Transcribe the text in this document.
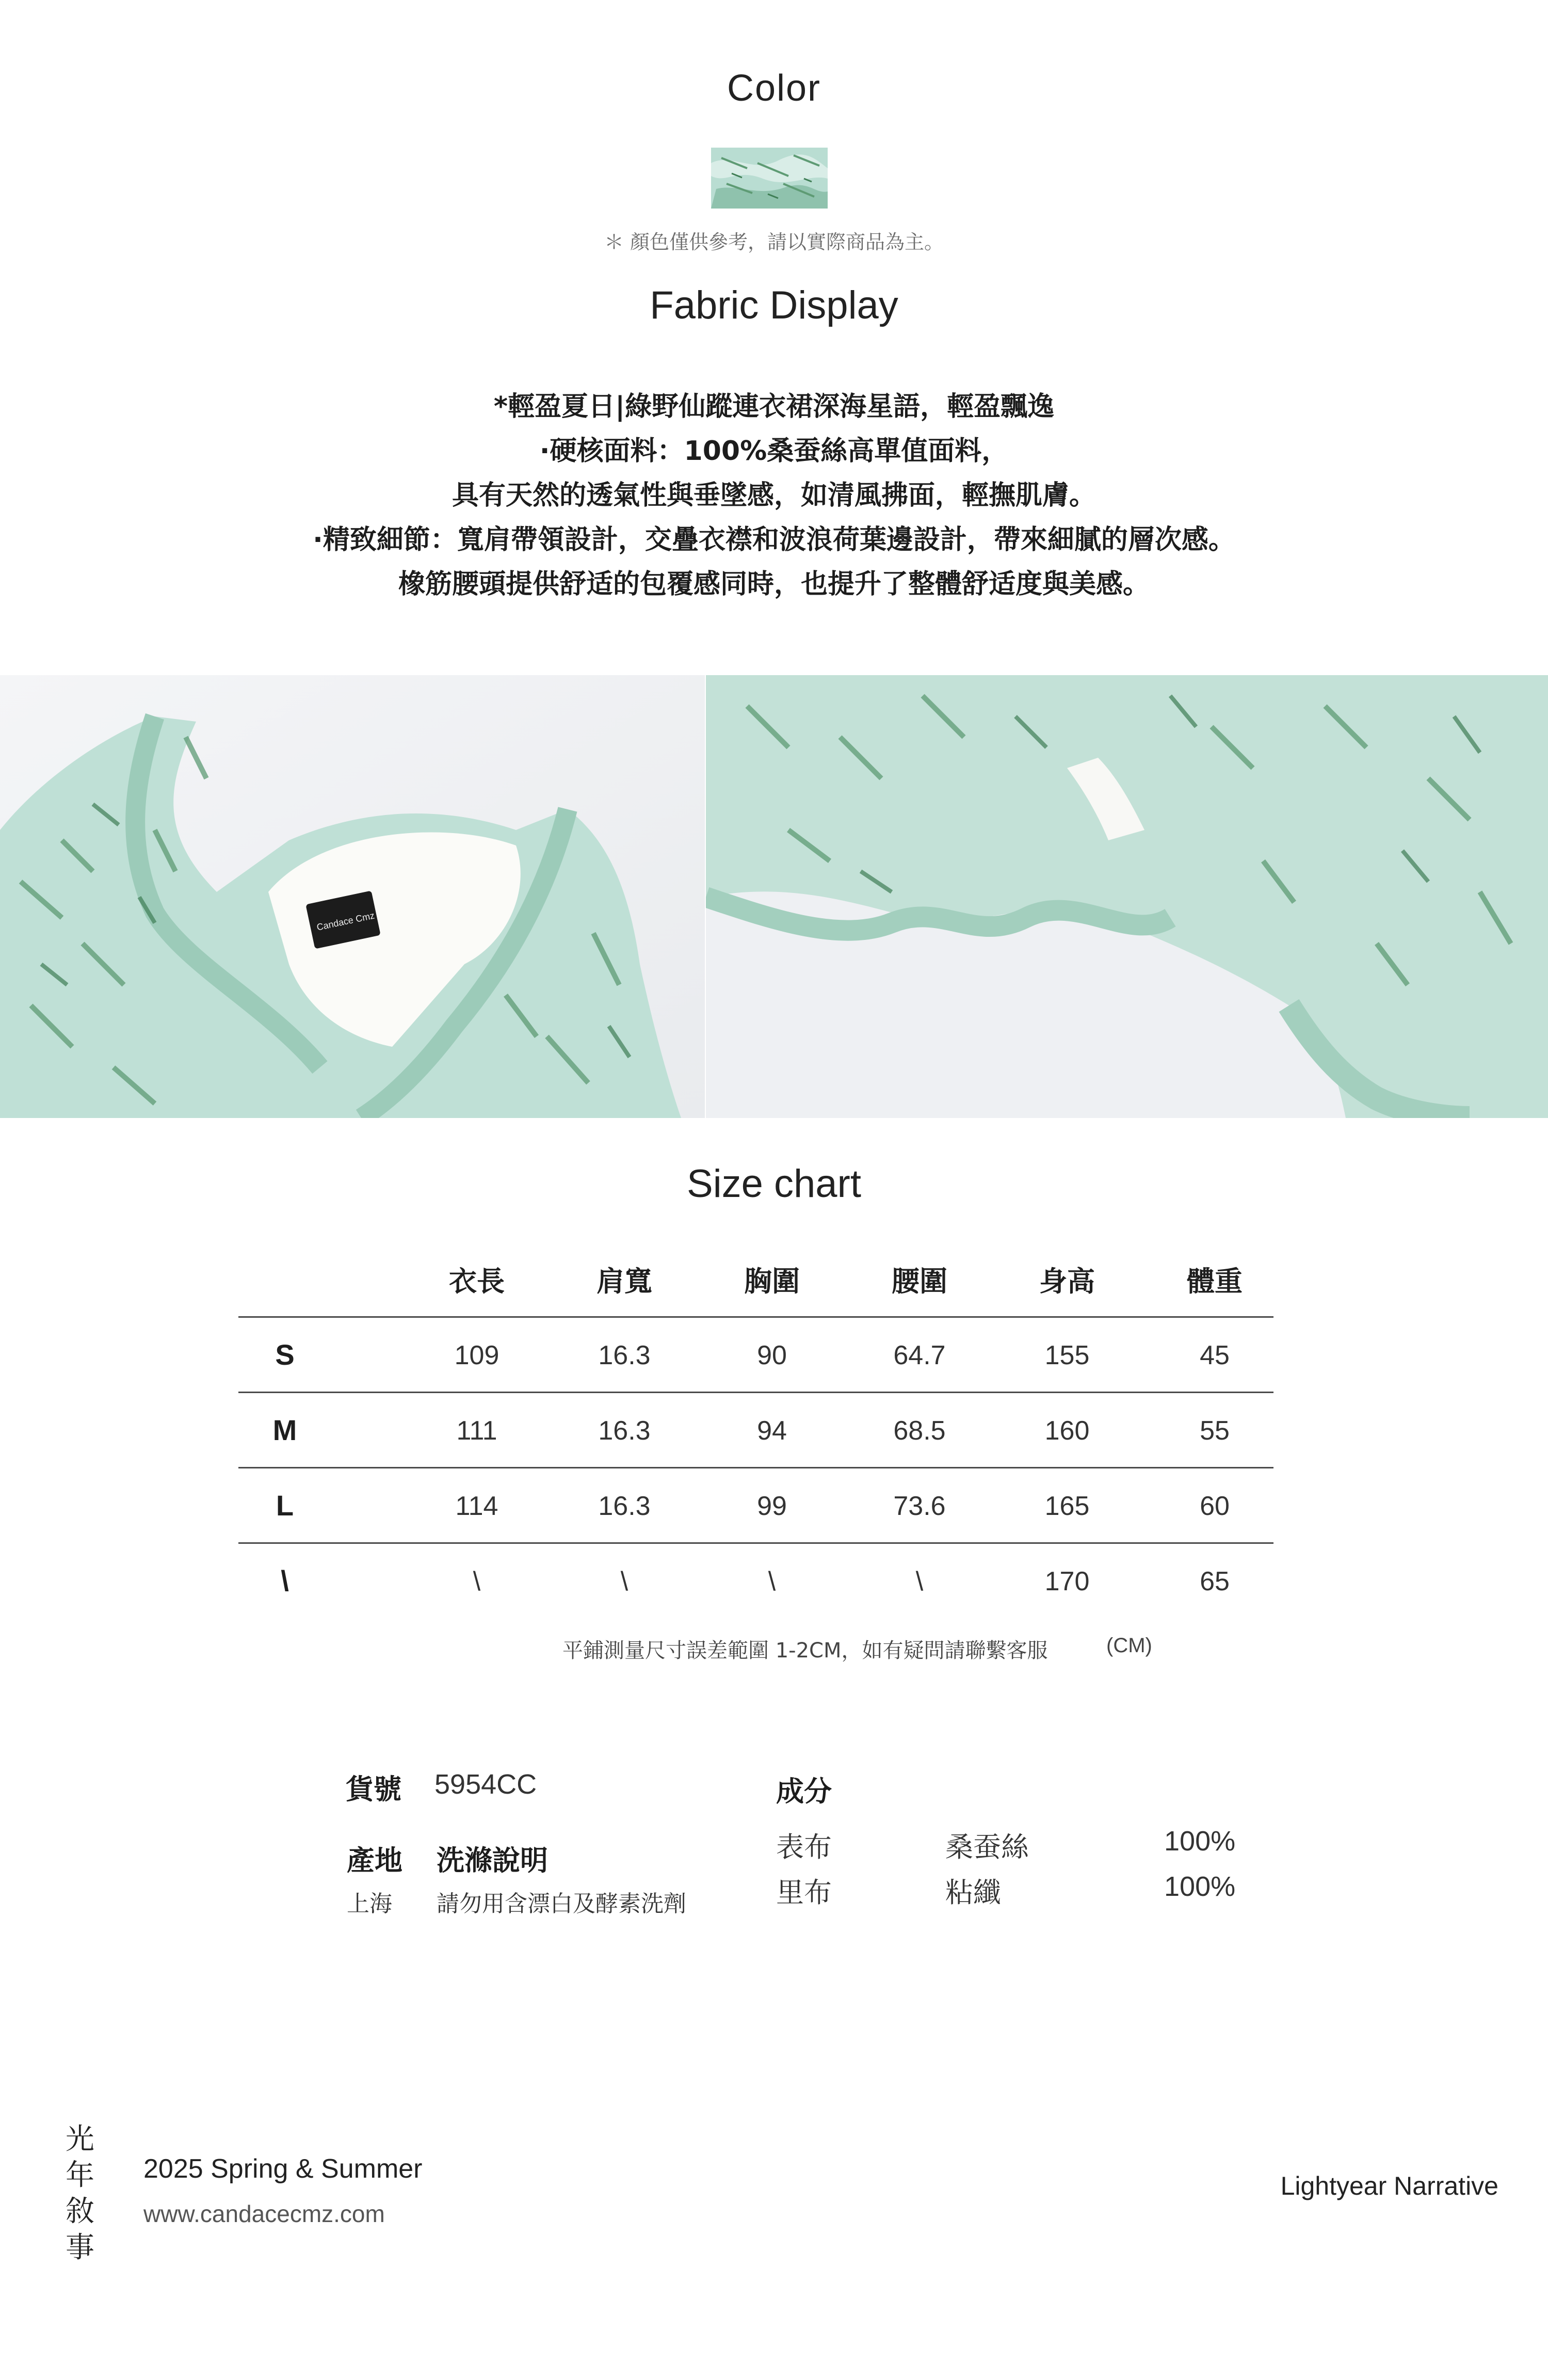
Color
＊ 顏色僅供參考，請以實際商品為主。
Fabric Display
*輕盈夏日|綠野仙蹤連衣裙深海星語，輕盈飄逸
·硬核面料：100%桑蚕絲高單值面料，
具有天然的透氣性與垂墜感，如清風拂面，輕撫肌膚。
·精致細節：寬肩帶領設計，交疊衣襟和波浪荷葉邊設計，帶來細膩的層次感。
橡筋腰頭提供舒适的包覆感同時，也提升了整體舒适度與美感。
Candace Cmz
Size chart
衣長	肩寬	胸圍	腰圍	身高	體重
S	109	16.3	90	64.7	155	45
M	111	16.3	94	68.5	160	55
L	114	16.3	99	73.6	165	60
\	\	\	\	\	170	65
平鋪測量尺寸誤差範圍 1-2CM，如有疑問請聯繫客服	(CM)
貨號 5954CC
產地
上海
洗滌說明
請勿用含漂白及酵素洗劑
成分
表布	桑蚕絲	100%
里布	粘纖	100%
光
年
敘
事
2025 Spring & Summer
www.candacecmz.com
Lightyear Narrative
